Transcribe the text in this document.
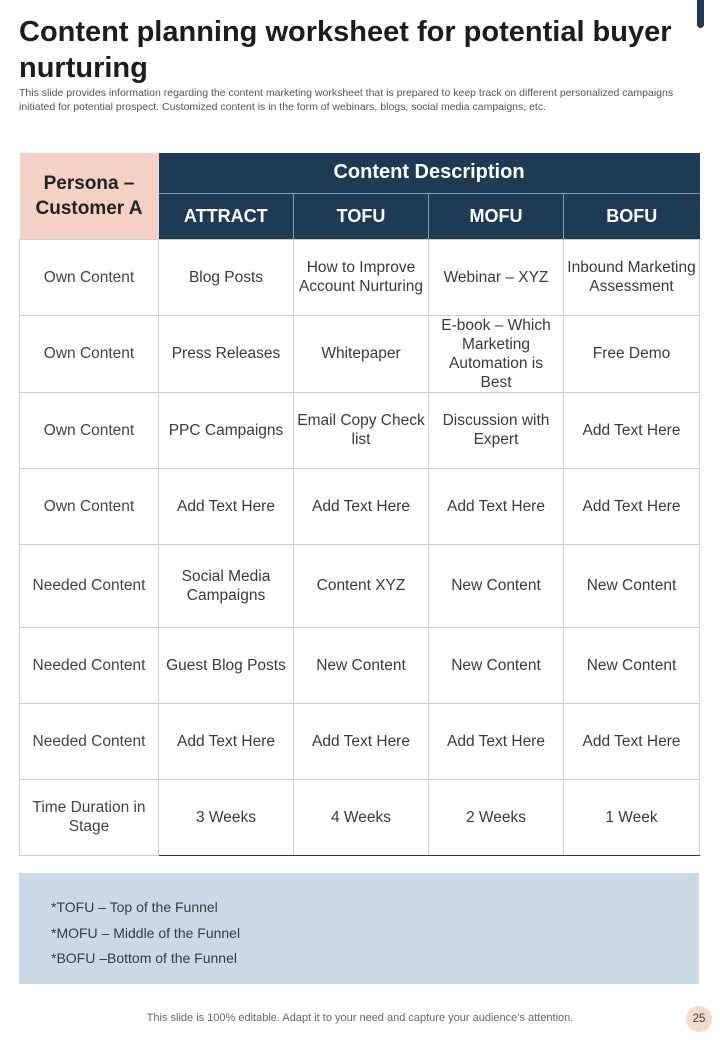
Content planning worksheet for potential buyer nurturing

This slide provides information regarding the content marketing worksheet that is prepared to keep track on different personalized campaigns initiated for potential prospect. Customized content is in the form of webinars, blogs, social media campaigns, etc.

Persona – Customer A	Content Description			
	ATTRACT	TOFU	MOFU	BOFU
Own Content	Blog Posts	How to Improve Account Nurturing	Webinar – XYZ	Inbound Marketing Assessment
Own Content	Press Releases	Whitepaper	E-book – Which Marketing Automation is Best	Free Demo
Own Content	PPC Campaigns	Email Copy Check list	Discussion with Expert	Add Text Here
Own Content	Add Text Here	Add Text Here	Add Text Here	Add Text Here
Needed Content	Social Media Campaigns	Content XYZ	New Content	New Content
Needed Content	Guest Blog Posts	New Content	New Content	New Content
Needed Content	Add Text Here	Add Text Here	Add Text Here	Add Text Here
Time Duration in Stage	3 Weeks	4 Weeks	2 Weeks	1 Week
*TOFU – Top of the Funnel
*MOFU – Middle of the Funnel
*BOFU –Bottom of the Funnel
This slide is 100% editable. Adapt it to your need and capture your audience’s attention.	25
